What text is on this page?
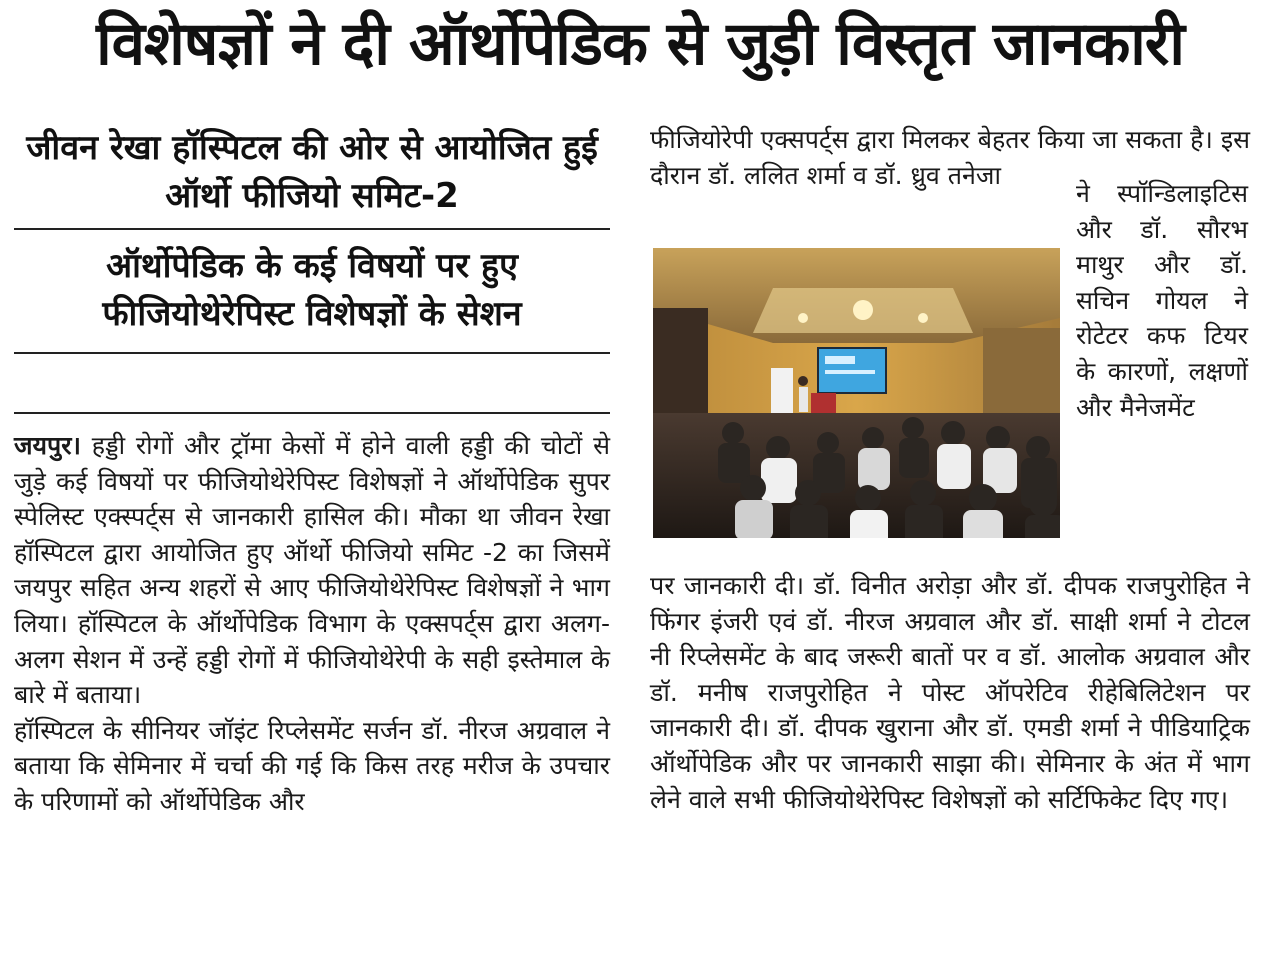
विशेषज्ञों ने दी ऑर्थोपेडिक से जुड़ी विस्तृत जानकारी
जीवन रेखा हॉस्पिटल की ओर से आयोजित हुई ऑर्थो फीजियो समिट-2
ऑर्थोपेडिक के कई विषयों पर हुए फीजियोथेरेपिस्ट विशेषज्ञों के सेशन

जयपुर। हड्डी रोगों और ट्रॉमा केसों में होने वाली हड्डी की चोटों से जुड़े कई विषयों पर फीजियोथेरेपिस्ट विशेषज्ञों ने ऑर्थोपेडिक सुपर स्पेलिस्ट एक्स्पर्ट्स से जानकारी हासिल की। मौका था जीवन रेखा हॉस्पिटल द्वारा आयोजित हुए ऑर्थो फीजियो समिट -2 का जिसमें जयपुर सहित अन्य शहरों से आए फीजियोथेरेपिस्ट विशेषज्ञों ने भाग लिया। हॉस्पिटल के ऑर्थोपेडिक विभाग के एक्सपर्ट्स द्वारा अलग-अलग सेशन में उन्हें हड्डी रोगों में फीजियोथेरेपी के सही इस्तेमाल के बारे में बताया।

हॉस्पिटल के सीनियर जॉइंट रिप्लेसमेंट सर्जन डॉ. नीरज अग्रवाल ने बताया कि सेमिनार में चर्चा की गई कि किस तरह मरीज के उपचार के परिणामों को ऑर्थोपेडिक और

फीजियोरेपी एक्सपर्ट्स द्वारा मिलकर बेहतर किया जा सकता है। इस दौरान डॉ. ललित शर्मा व डॉ. ध्रुव तनेजा
पर जानकारी दी। डॉ. विनीत अरोड़ा और डॉ. दीपक राजपुरोहित ने फिंगर इंजरी एवं डॉ. नीरज अग्रवाल और डॉ. साक्षी शर्मा ने टोटल नी रिप्लेसमेंट के बाद जरूरी बातों पर व डॉ. आलोक अग्रवाल और डॉ. मनीष राजपुरोहित ने पोस्ट ऑपरेटिव रीहेबिलिटेशन पर जानकारी दी। डॉ. दीपक खुराना और डॉ. एमडी शर्मा ने पीडियाट्रिक ऑर्थोपेडिक और पर जानकारी साझा की। सेमिनार के अंत में भाग लेने वाले सभी फीजियोथेरेपिस्ट विशेषज्ञों को सर्टिफिकेट दिए गए।
ने स्पॉन्डिलाइटिस और डॉ. सौरभ माथुर और डॉ. सचिन गोयल ने रोटेटर कफ टियर के कारणों, लक्षणों और मैनेजमेंट
